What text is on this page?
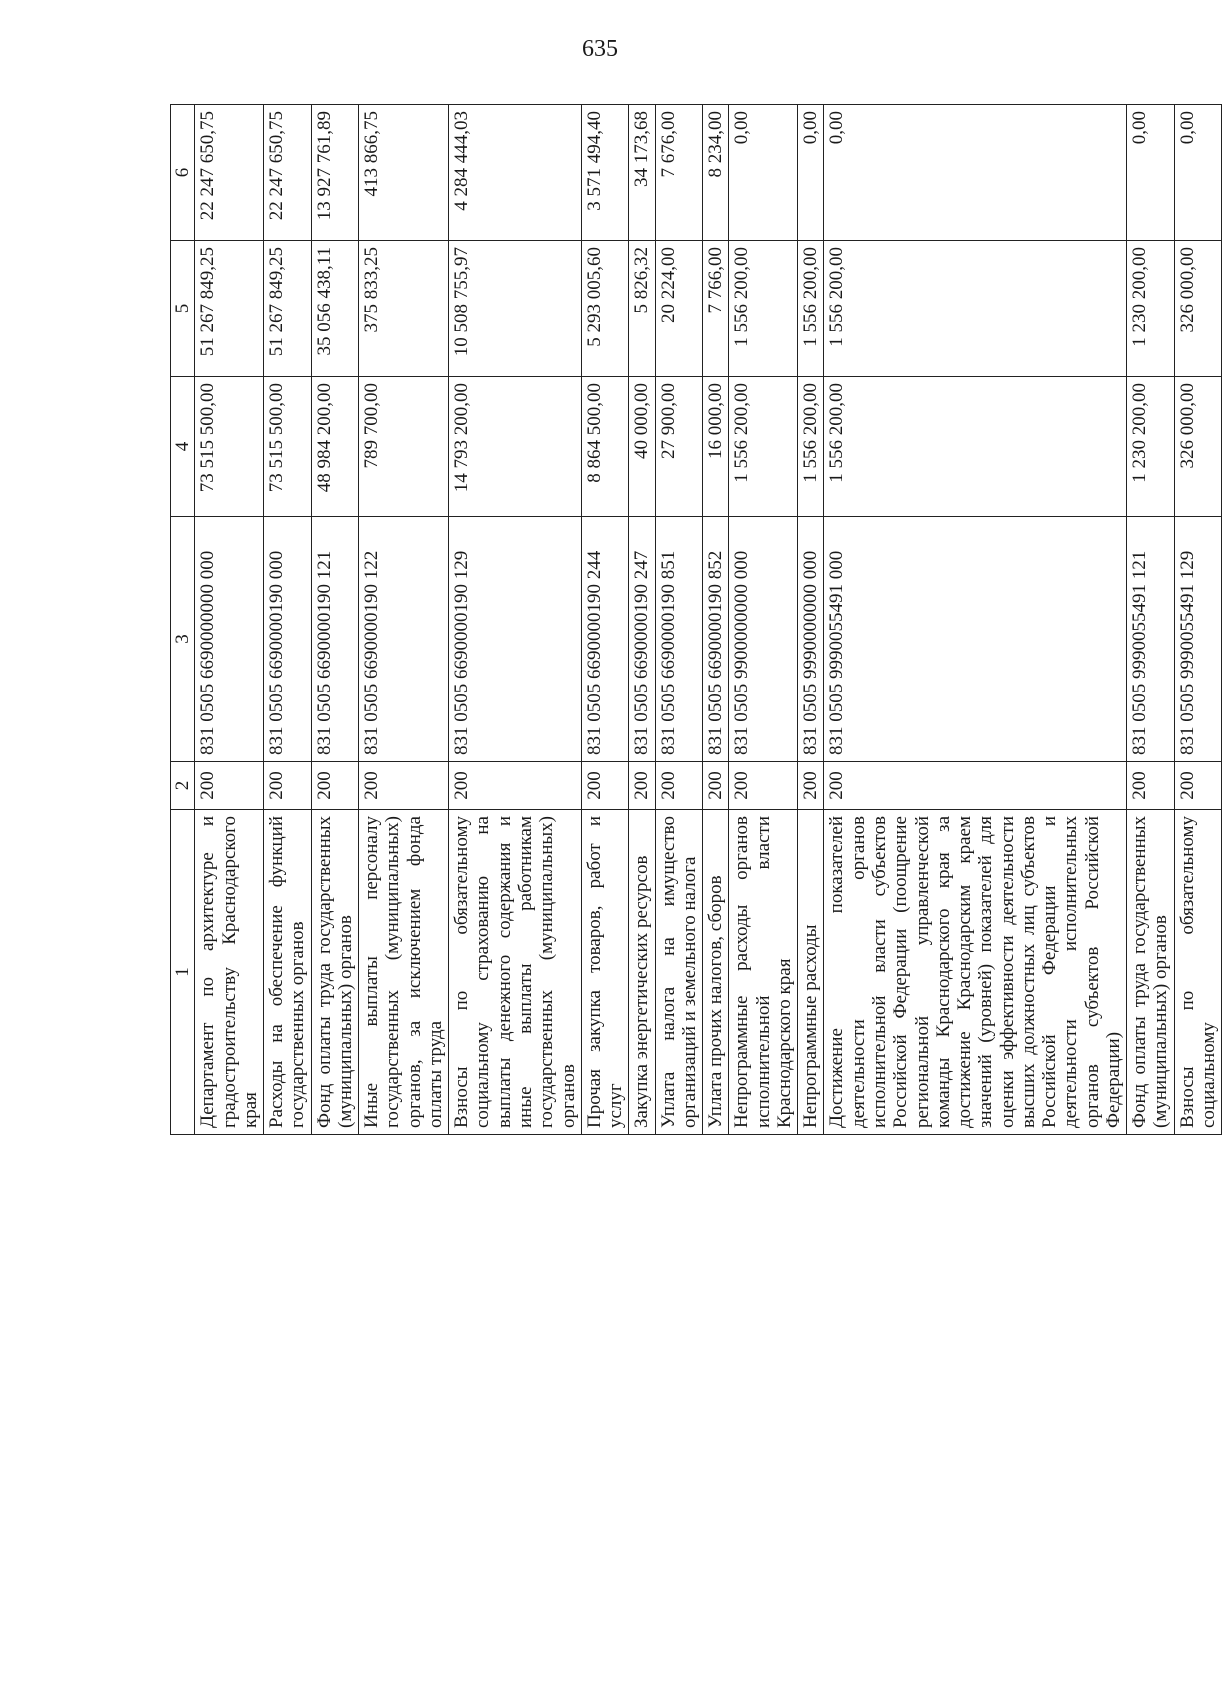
635
1	2	3	4	5	6
Департамент по архитектуре и градостроительству Краснодарского края	200	831 0505 6690000000 000	73 515 500,00	51 267 849,25	22 247 650,75
Расходы на обеспечение функций государственных органов	200	831 0505 6690000190 000	73 515 500,00	51 267 849,25	22 247 650,75
Фонд оплаты труда государственных (муниципальных) органов	200	831 0505 6690000190 121	48 984 200,00	35 056 438,11	13 927 761,89
Иные выплаты персоналу государственных (муниципальных) органов, за исключением фонда оплаты труда	200	831 0505 6690000190 122	789 700,00	375 833,25	413 866,75
Взносы по обязательному социальному страхованию на выплаты денежного содержания и иные выплаты работникам государственных (муниципальных) органов	200	831 0505 6690000190 129	14 793 200,00	10 508 755,97	4 284 444,03
Прочая закупка товаров, работ и услуг	200	831 0505 6690000190 244	8 864 500,00	5 293 005,60	3 571 494,40
Закупка энергетических ресурсов	200	831 0505 6690000190 247	40 000,00	5 826,32	34 173,68
Уплата налога на имущество организаций и земельного налога	200	831 0505 6690000190 851	27 900,00	20 224,00	7 676,00
Уплата прочих налогов, сборов	200	831 0505 6690000190 852	16 000,00	7 766,00	8 234,00
Непрограммные расходы органов исполнительной власти Краснодарского края	200	831 0505 9900000000 000	1 556 200,00	1 556 200,00	0,00
Непрограммные расходы	200	831 0505 9990000000 000	1 556 200,00	1 556 200,00	0,00
Достижение показателей деятельности органов исполнительной власти субъектов Российской Федерации (поощрение региональной управленческой команды Краснодарского края за достижение Краснодарским краем значений (уровней) показателей для оценки эффективности деятельности высших должностных лиц субъектов Российской Федерации и деятельности исполнительных органов субъектов Российской Федерации)	200	831 0505 9990055491 000	1 556 200,00	1 556 200,00	0,00
Фонд оплаты труда государственных (муниципальных) органов	200	831 0505 9990055491 121	1 230 200,00	1 230 200,00	0,00
Взносы по обязательному социальному	200	831 0505 9990055491 129	326 000,00	326 000,00	0,00
